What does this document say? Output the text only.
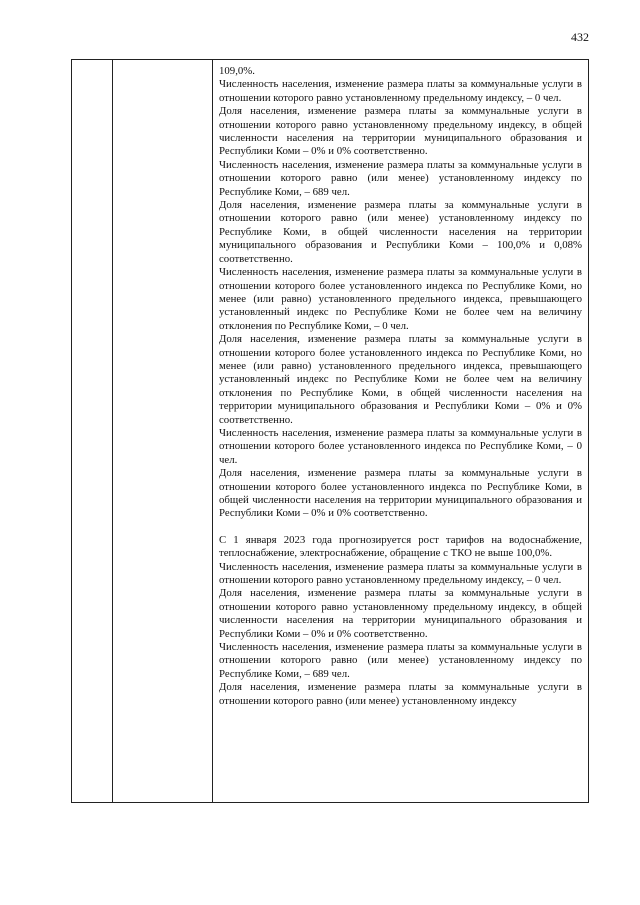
432

109,0%.

Численность населения, изменение размера платы за коммунальные услуги в отношении которого равно установленному предельному индексу, – 0 чел.

Доля населения, изменение размера платы за коммунальные услуги в отношении которого равно установленному предельному индексу, в общей численности населения на территории муниципального образования и Республики Коми – 0% и 0% соответственно.

Численность населения, изменение размера платы за коммунальные услуги в отношении которого равно (или менее) установленному индексу по Республике Коми, – 689 чел.

Доля населения, изменение размера платы за коммунальные услуги в отношении которого равно (или менее) установленному индексу по Республике Коми, в общей численности населения на территории муниципального образования и Республики Коми – 100,0% и 0,08% соответственно.

Численность населения, изменение размера платы за коммунальные услуги в отношении которого более установленного индекса по Республике Коми, но менее (или равно) установленного предельного индекса, превышающего установленный индекс по Республике Коми не более чем на величину отклонения по Республике Коми, – 0 чел.

Доля населения, изменение размера платы за коммунальные услуги в отношении которого более установленного индекса по Республике Коми, но менее (или равно) установленного предельного индекса, превышающего установленный индекс по Республике Коми не более чем на величину отклонения по Республике Коми, в общей численности населения на территории муниципального образования и Республики Коми – 0% и 0% соответственно.

Численность населения, изменение размера платы за коммунальные услуги в отношении которого более установленного индекса по Республике Коми, – 0 чел.

Доля населения, изменение размера платы за коммунальные услуги в отношении которого более установленного индекса по Республике Коми, в общей численности населения на территории муниципального образования и Республики Коми – 0% и 0% соответственно.

С 1 января 2023 года прогнозируется рост тарифов на водоснабжение, теплоснабжение, электроснабжение, обращение с ТКО не выше 100,0%.

Численность населения, изменение размера платы за коммунальные услуги в отношении которого равно установленному предельному индексу, – 0 чел.

Доля населения, изменение размера платы за коммунальные услуги в отношении которого равно установленному предельному индексу, в общей численности населения на территории муниципального образования и Республики Коми – 0% и 0% соответственно.

Численность населения, изменение размера платы за коммунальные услуги в отношении которого равно (или менее) установленному индексу по Республике Коми, – 689 чел.

Доля населения, изменение размера платы за коммунальные услуги в отношении которого равно (или менее) установленному индексу
